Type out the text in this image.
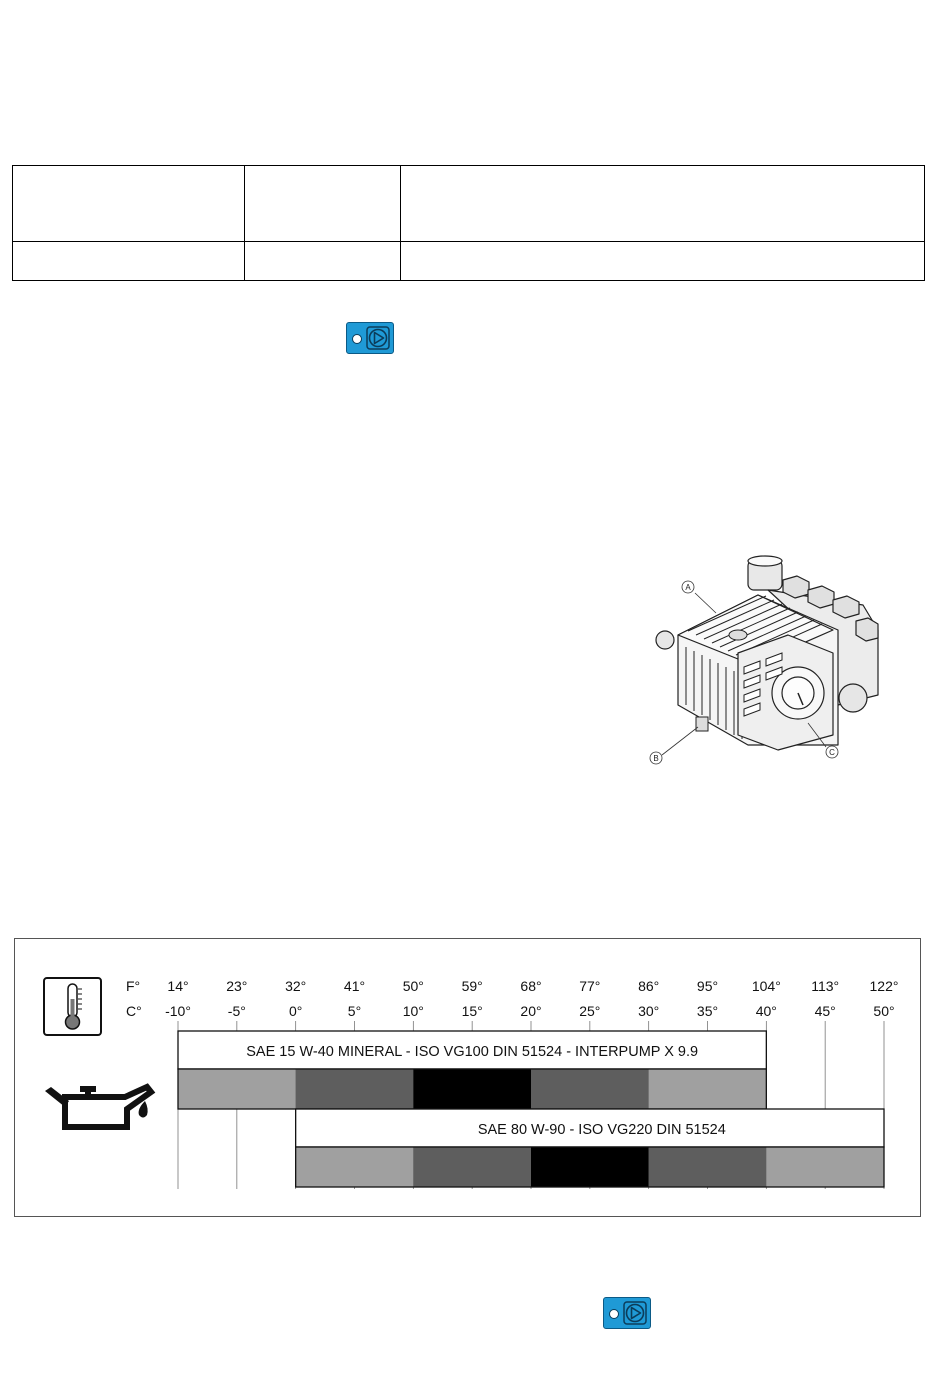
A
B
C
F°
C°
14°
-10°
23°
-5°
32°
0°
41°
5°
50°
10°
59°
15°
68°
20°
77°
25°
86°
30°
95°
35°
104°
40°
113°
45°
122°
50°
SAE 15 W-40 MINERAL - ISO VG100 DIN 51524 - INTERPUMP X 9.9
SAE 80 W-90 - ISO VG220 DIN 51524
